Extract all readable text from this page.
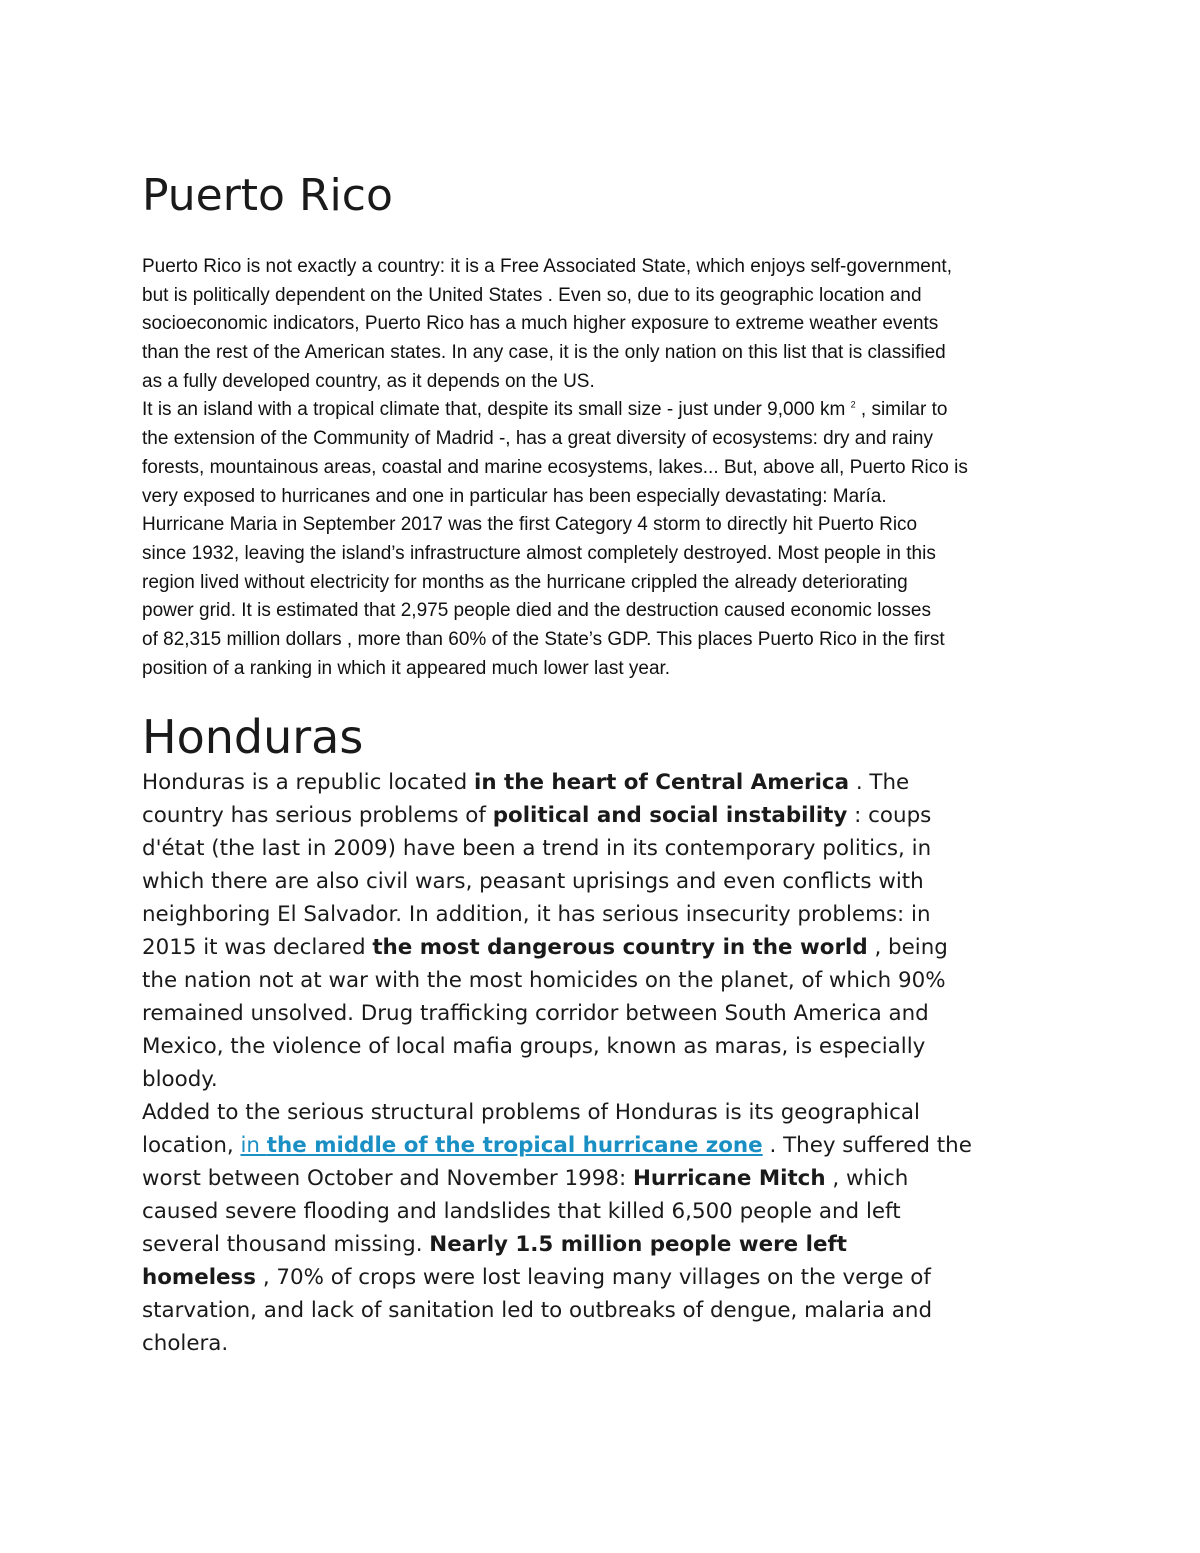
Puerto Rico
Puerto Rico is not exactly a country: it is a Free Associated State, which enjoys self-government,
but is politically dependent on the United States . Even so, due to its geographic location and
socioeconomic indicators, Puerto Rico has a much higher exposure to extreme weather events
than the rest of the American states. In any case, it is the only nation on this list that is classified
as a fully developed country, as it depends on the US.
It is an island with a tropical climate that, despite its small size - just under 9,000 km $^2$ , similar to
the extension of the Community of Madrid -, has a great diversity of ecosystems: dry and rainy
forests, mountainous areas, coastal and marine ecosystems, lakes... But, above all, Puerto Rico is
very exposed to hurricanes and one in particular has been especially devastating: María.
Hurricane Maria in September 2017 was the first Category 4 storm to directly hit Puerto Rico
since 1932, leaving the island’s infrastructure almost completely destroyed. Most people in this
region lived without electricity for months as the hurricane crippled the already deteriorating
power grid. It is estimated that 2,975 people died and the destruction caused economic losses
of 82,315 million dollars , more than 60% of the State’s GDP. This places Puerto Rico in the first
position of a ranking in which it appeared much lower last year.
Honduras
Honduras is a republic located in the heart of Central America . The
country has serious problems of political and social instability : coups
d'état (the last in 2009) have been a trend in its contemporary politics, in
which there are also civil wars, peasant uprisings and even conflicts with
neighboring El Salvador. In addition, it has serious insecurity problems: in
2015 it was declared the most dangerous country in the world , being
the nation not at war with the most homicides on the planet, of which 90%
remained unsolved. Drug trafficking corridor between South America and
Mexico, the violence of local mafia groups, known as maras, is especially
bloody.
Added to the serious structural problems of Honduras is its geographical
location, in the middle of the tropical hurricane zone . They suffered the
worst between October and November 1998: Hurricane Mitch , which
caused severe flooding and landslides that killed 6,500 people and left
several thousand missing. Nearly 1.5 million people were left
homeless , 70% of crops were lost leaving many villages on the verge of
starvation, and lack of sanitation led to outbreaks of dengue, malaria and
cholera.
